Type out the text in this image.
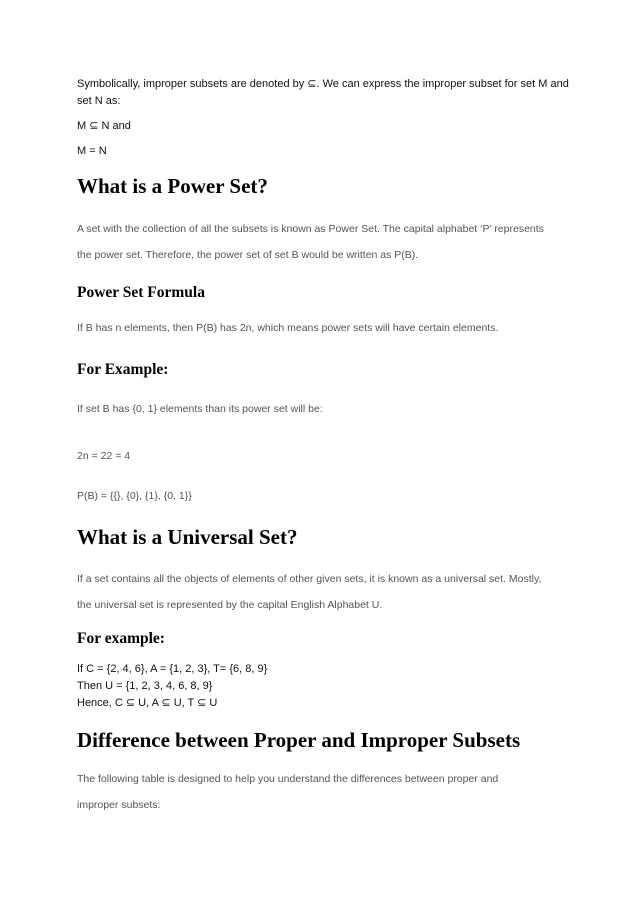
Symbolically, improper subsets are denoted by ⊆. We can express the improper subset for set M and
set N as:

M ⊆ N and

M = N

What is a Power Set?

A set with the collection of all the subsets is known as Power Set. The capital alphabet ‘P’ represents
the power set. Therefore, the power set of set B would be written as P(B).

Power Set Formula

If B has n elements, then P(B) has 2n, which means power sets will have certain elements.

For Example:

If set B has {0, 1} elements than its power set will be:

2n = 22 = 4

P(B) = {{}, {0}, {1}, {0, 1}}

What is a Universal Set?

If a set contains all the objects of elements of other given sets, it is known as a universal set. Mostly,
the universal set is represented by the capital English Alphabet U.

For example:

If C = {2, 4, 6}, A = {1, 2, 3}, T= {6, 8, 9}
Then U = {1, 2, 3, 4, 6, 8, 9}
Hence, C ⊆ U, A ⊆ U, T ⊆ U

Difference between Proper and Improper Subsets

The following table is designed to help you understand the differences between proper and
improper subsets:
